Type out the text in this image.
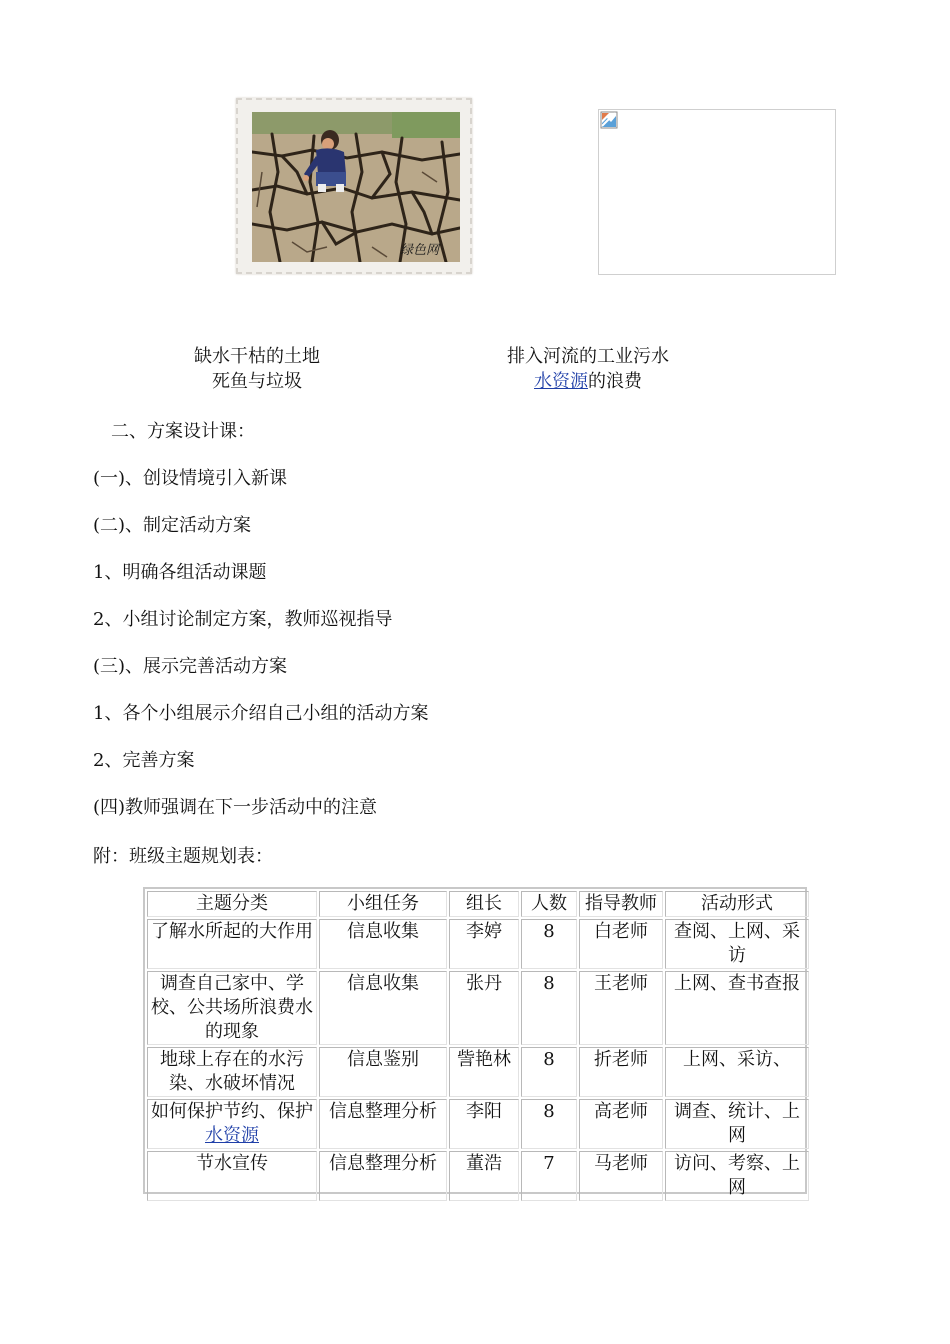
绿色网
缺水干枯的土地
死鱼与垃圾
排入河流的工业污水
水资源的浪费
　二、方案设计课：
(一)、创设情境引入新课
(二)、制定活动方案
1、明确各组活动课题
2、小组讨论制定方案，教师巡视指导
(三)、展示完善活动方案
1、各个小组展示介绍自己小组的活动方案
2、完善方案
(四)教师强调在下一步活动中的注意
附：班级主题规划表：
主题分类	小组任务	组长	人数	指导教师	活动形式
了解水所起的大作用	信息收集	李婷	8	白老师	查阅、上网、采访
调查自己家中、学校、公共场所浪费水的现象	信息收集	张丹	8	王老师	上网、查书查报
地球上存在的水污染、水破坏情况	信息鉴别	訾艳林	8	折老师	上网、采访、
如何保护节约、保护
水资源	信息整理分析	李阳	8	高老师	调查、统计、上网
节水宣传	信息整理分析	董浩	7	马老师	访问、考察、上网
